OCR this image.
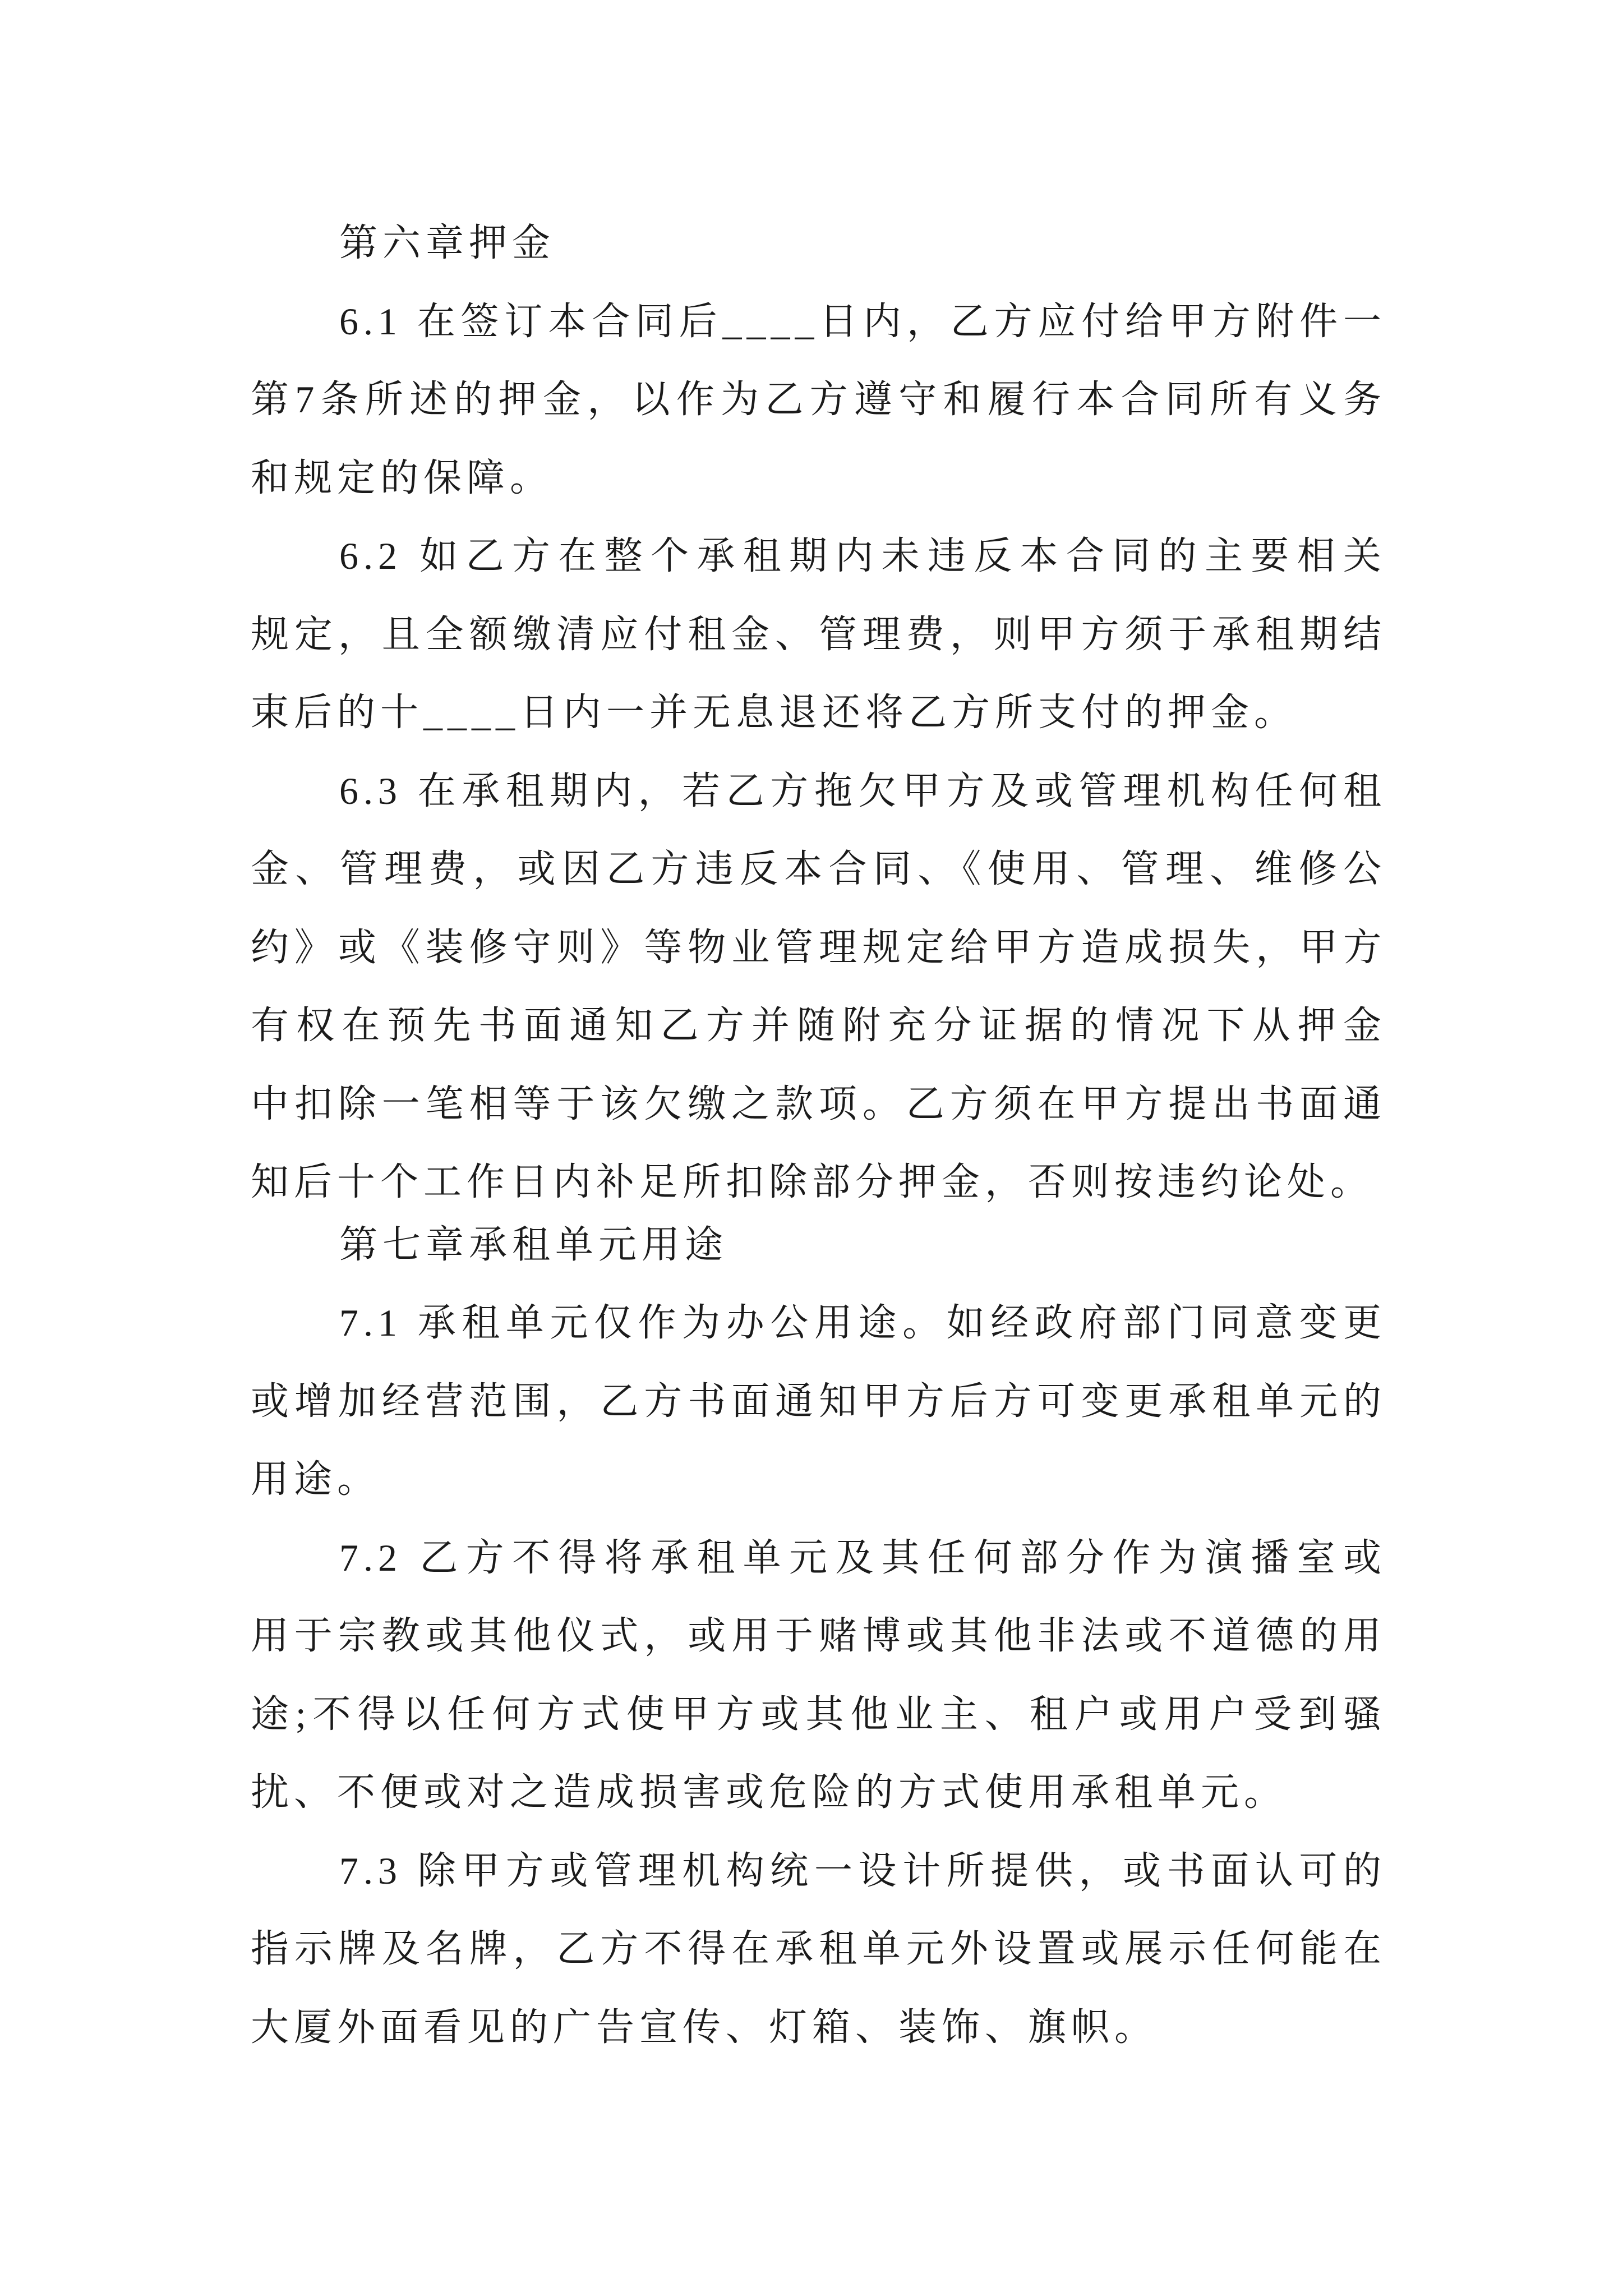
第六章押金
6.1 在签订本合同后____日内，乙方应付给甲方附件一
第7条所述的押金，以作为乙方遵守和履行本合同所有义务
和规定的保障。
6.2 如乙方在整个承租期内未违反本合同的主要相关
规定，且全额缴清应付租金、管理费，则甲方须于承租期结
束后的十____日内一并无息退还将乙方所支付的押金。
6.3 在承租期内，若乙方拖欠甲方及或管理机构任何租
金、管理费，或因乙方违反本合同、《使用、管理、维修公
约》或《装修守则》等物业管理规定给甲方造成损失，甲方
有权在预先书面通知乙方并随附充分证据的情况下从押金
中扣除一笔相等于该欠缴之款项。乙方须在甲方提出书面通
知后十个工作日内补足所扣除部分押金，否则按违约论处。
第七章承租单元用途
7.1 承租单元仅作为办公用途。如经政府部门同意变更
或增加经营范围，乙方书面通知甲方后方可变更承租单元的
用途。
7.2 乙方不得将承租单元及其任何部分作为演播室或
用于宗教或其他仪式，或用于赌博或其他非法或不道德的用
途;不得以任何方式使甲方或其他业主、租户或用户受到骚
扰、不便或对之造成损害或危险的方式使用承租单元。
7.3 除甲方或管理机构统一设计所提供，或书面认可的
指示牌及名牌，乙方不得在承租单元外设置或展示任何能在
大厦外面看见的广告宣传、灯箱、装饰、旗帜。
